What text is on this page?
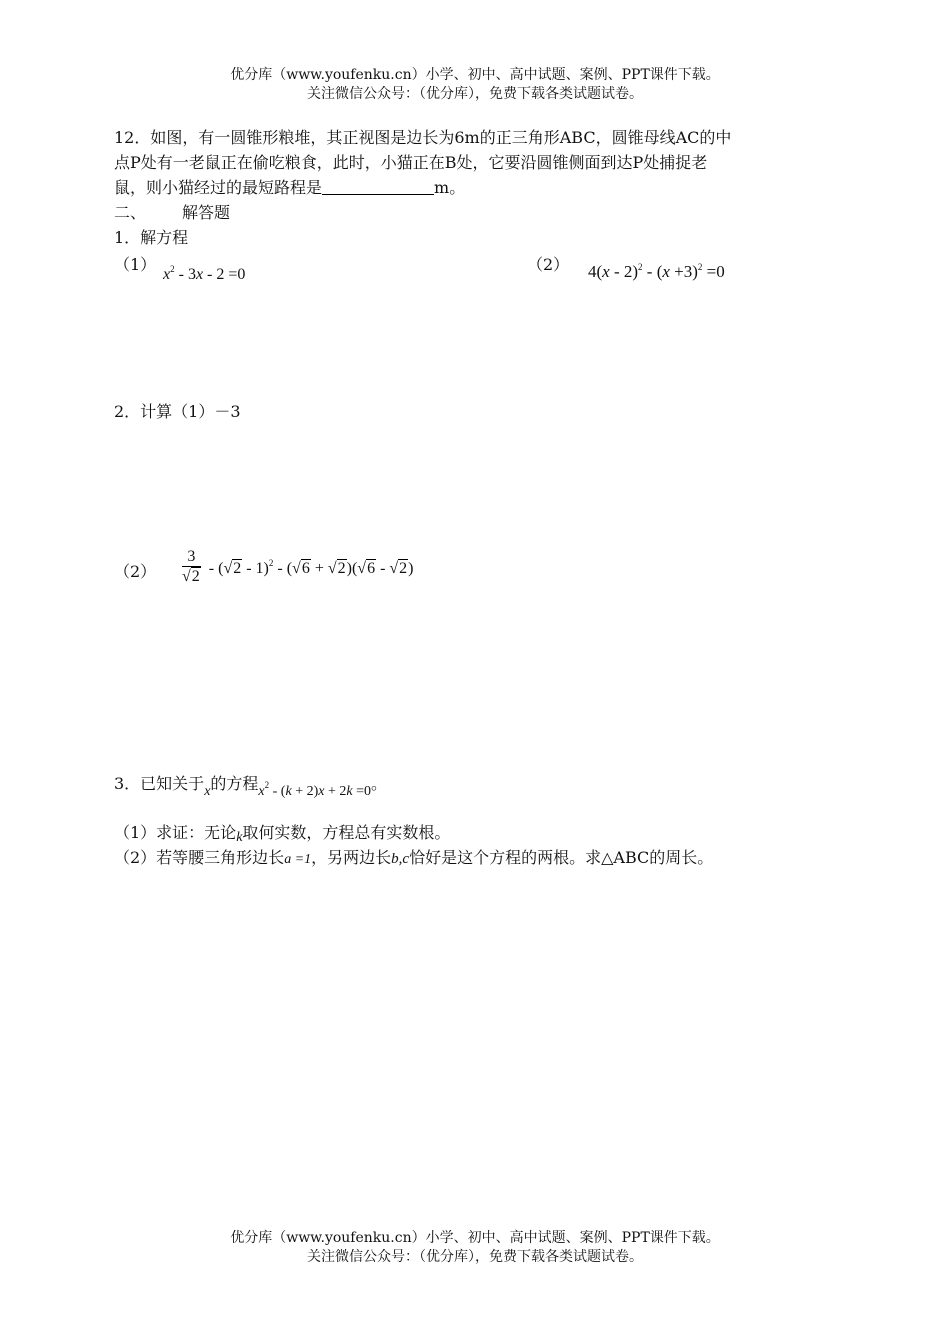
优分库（www.youfenku.cn）小学、初中、高中试题、案例、PPT课件下载。
关注微信公众号：（优分库），免费下载各类试题试卷。
12．如图，有一圆锥形粮堆，其正视图是边长为6m的正三角形ABC，圆锥母线AC的中
点P处有一老鼠正在偷吃粮食，此时，小猫正在B处，它要沿圆锥侧面到达P处捕捉老
鼠，则小猫经过的最短路程是	m。
二、 解答题
1．解方程
（1）
$x^2 - 3x - 2 =0$
（2） $4(x - 2)^2 - (x +3)^2 =0$
2．计算（1）－3
$(2) \frac{3}{√2} - (√2 - 1)^2 - (√6 + √2)(√6 - √2)$
3．已知关于x的方程$x^2 - (k + 2)x + 2k =0$。
（1）求证：无论k取何实数，方程总有实数根。
（2）若等腰三角形边长a =1，另两边长b,c恰好是这个方程的两根。求△ABC的周长。
优分库（www.youfenku.cn）小学、初中、高中试题、案例、PPT课件下载。
关注微信公众号：（优分库），免费下载各类试题试卷。
